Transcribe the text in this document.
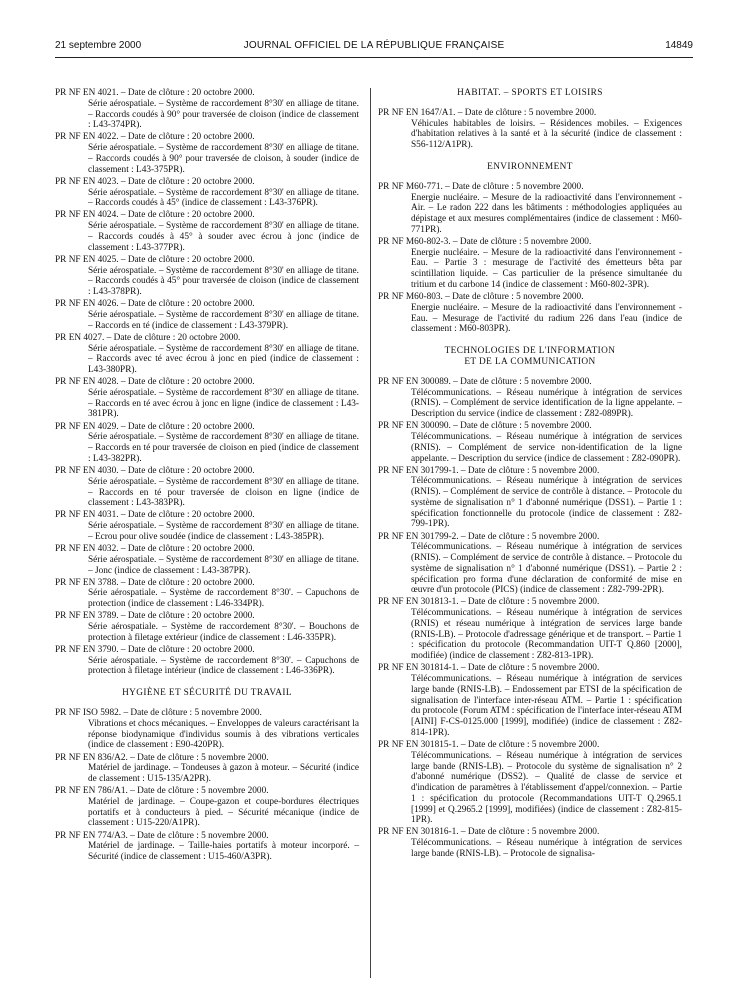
21 septembre 2000	JOURNAL OFFICIEL DE LA RÉPUBLIQUE FRANÇAISE	14849
PR NF EN 4021. – Date de clôture : 20 octobre 2000.
Série aérospatiale. – Système de raccordement 8°30' en alliage de titane. – Raccords coudés à 90° pour traversée de cloison (indice de classement : L43-374PR).
PR NF EN 4022. – Date de clôture : 20 octobre 2000.
Série aérospatiale. – Système de raccordement 8°30' en alliage de titane. – Raccords coudés à 90° pour traversée de cloison, à souder (indice de classement : L43-375PR).
PR NF EN 4023. – Date de clôture : 20 octobre 2000.
Série aérospatiale. – Système de raccordement 8°30' en alliage de titane. – Raccords coudés à 45° (indice de classement : L43-376PR).
PR NF EN 4024. – Date de clôture : 20 octobre 2000.
Série aérospatiale. – Système de raccordement 8°30' en alliage de titane. – Raccords coudés à 45° à souder avec écrou à jonc (indice de classement : L43-377PR).
PR NF EN 4025. – Date de clôture : 20 octobre 2000.
Série aérospatiale. – Système de raccordement 8°30' en alliage de titane. – Raccords coudés à 45° pour traversée de cloison (indice de classement : L43-378PR).
PR NF EN 4026. – Date de clôture : 20 octobre 2000.
Série aérospatiale. – Système de raccordement 8°30' en alliage de titane. – Raccords en té (indice de classement : L43-379PR).
PR EN 4027. – Date de clôture : 20 octobre 2000.
Série aérospatiale. – Système de raccordement 8°30' en alliage de titane. – Raccords avec té avec écrou à jonc en pied (indice de classement : L43-380PR).
PR NF EN 4028. – Date de clôture : 20 octobre 2000.
Série aérospatiale. – Système de raccordement 8°30' en alliage de titane. – Raccords en té avec écrou à jonc en ligne (indice de classement : L43-381PR).
PR NF EN 4029. – Date de clôture : 20 octobre 2000.
Série aérospatiale. – Système de raccordement 8°30' en alliage de titane. – Raccords en té pour traversée de cloison en pied (indice de classement : L43-382PR).
PR NF EN 4030. – Date de clôture : 20 octobre 2000.
Série aérospatiale. – Système de raccordement 8°30' en alliage de titane. – Raccords en té pour traversée de cloison en ligne (indice de classement : L43-383PR).
PR NF EN 4031. – Date de clôture : 20 octobre 2000.
Série aérospatiale. – Système de raccordement 8°30' en alliage de titane. – Ecrou pour olive soudée (indice de classement : L43-385PR).
PR NF EN 4032. – Date de clôture : 20 octobre 2000.
Série aérospatiale. – Système de raccordement 8°30' en alliage de titane. – Jonc (indice de classement : L43-387PR).
PR NF EN 3788. – Date de clôture : 20 octobre 2000.
Série aérospatiale. – Système de raccordement 8°30'. – Capuchons de protection (indice de classement : L46-334PR).
PR NF EN 3789. – Date de clôture : 20 octobre 2000.
Série aérospatiale. – Système de raccordement 8°30'. – Bouchons de protection à filetage extérieur (indice de classement : L46-335PR).
PR NF EN 3790. – Date de clôture : 20 octobre 2000.
Série aérospatiale. – Système de raccordement 8°30'. – Capuchons de protection à filetage intérieur (indice de classement : L46-336PR).
HYGIÈNE ET SÉCURITÉ DU TRAVAIL
PR NF ISO 5982. – Date de clôture : 5 novembre 2000.
Vibrations et chocs mécaniques. – Enveloppes de valeurs caractérisant la réponse biodynamique d'individus soumis à des vibrations verticales (indice de classement : E90-420PR).
PR NF EN 836/A2. – Date de clôture : 5 novembre 2000.
Matériel de jardinage. – Tondeuses à gazon à moteur. – Sécurité (indice de classement : U15-135/A2PR).
PR NF EN 786/A1. – Date de clôture : 5 novembre 2000.
Matériel de jardinage. – Coupe-gazon et coupe-bordures électriques portatifs et à conducteurs à pied. – Sécurité mécanique (indice de classement : U15-220/A1PR).
PR NF EN 774/A3. – Date de clôture : 5 novembre 2000.
Matériel de jardinage. – Taille-haies portatifs à moteur incorporé. – Sécurité (indice de classement : U15-460/A3PR).
HABITAT. – SPORTS ET LOISIRS
PR NF EN 1647/A1. – Date de clôture : 5 novembre 2000.
Véhicules habitables de loisirs. – Résidences mobiles. – Exigences d'habitation relatives à la santé et à la sécurité (indice de classement : S56-112/A1PR).
ENVIRONNEMENT
PR NF M60-771. – Date de clôture : 5 novembre 2000.
Energie nucléaire. – Mesure de la radioactivité dans l'environnement - Air. – Le radon 222 dans les bâtiments : méthodologies appliquées au dépistage et aux mesures complémentaires (indice de classement : M60-771PR).
PR NF M60-802-3. – Date de clôture : 5 novembre 2000.
Energie nucléaire. – Mesure de la radioactivité dans l'environnement - Eau. – Partie 3 : mesurage de l'activité des émetteurs bêta par scintillation liquide. – Cas particulier de la présence simultanée du tritium et du carbone 14 (indice de classement : M60-802-3PR).
PR NF M60-803. – Date de clôture : 5 novembre 2000.
Energie nucléaire. – Mesure de la radioactivité dans l'environnement - Eau. – Mesurage de l'activité du radium 226 dans l'eau (indice de classement : M60-803PR).
TECHNOLOGIES DE L'INFORMATION
ET DE LA COMMUNICATION
PR NF EN 300089. – Date de clôture : 5 novembre 2000.
Télécommunications. – Réseau numérique à intégration de services (RNIS). – Complément de service identification de la ligne appelante. – Description du service (indice de classement : Z82-089PR).
PR NF EN 300090. – Date de clôture : 5 novembre 2000.
Télécommunications. – Réseau numérique à intégration de services (RNIS). – Complément de service non-identification de la ligne appelante. – Description du service (indice de classement : Z82-090PR).
PR NF EN 301799-1. – Date de clôture : 5 novembre 2000.
Télécommunications. – Réseau numérique à intégration de services (RNIS). – Complément de service de contrôle à distance. – Protocole du système de signalisation n° 1 d'abonné numérique (DSS1). – Partie 1 : spécification fonctionnelle du protocole (indice de classement : Z82-799-1PR).
PR NF EN 301799-2. – Date de clôture : 5 novembre 2000.
Télécommunications. – Réseau numérique à intégration de services (RNIS). – Complément de service de contrôle à distance. – Protocole du système de signalisation n° 1 d'abonné numérique (DSS1). – Partie 2 : spécification pro forma d'une déclaration de conformité de mise en œuvre d'un protocole (PICS) (indice de classement : Z82-799-2PR).
PR NF EN 301813-1. – Date de clôture : 5 novembre 2000.
Télécommunications. – Réseau numérique à intégration de services (RNIS) et réseau numérique à intégration de services large bande (RNIS-LB). – Protocole d'adressage générique et de transport. – Partie 1 : spécification du protocole (Recommandation UIT-T Q.860 [2000], modifiée) (indice de classement : Z82-813-1PR).
PR NF EN 301814-1. – Date de clôture : 5 novembre 2000.
Télécommunications. – Réseau numérique à intégration de services large bande (RNIS-LB). – Endossement par ETSI de la spécification de signalisation de l'interface inter-réseau ATM. – Partie 1 : spécification du protocole (Forum ATM : spécification de l'interface inter-réseau ATM [AINI] F-CS-0125.000 [1999], modifiée) (indice de classement : Z82-814-1PR).
PR NF EN 301815-1. – Date de clôture : 5 novembre 2000.
Télécommunications. – Réseau numérique à intégration de services large bande (RNIS-LB). – Protocole du système de signalisation n° 2 d'abonné numérique (DSS2). – Qualité de classe de service et d'indication de paramètres à l'établissement d'appel/connexion. – Partie 1 : spécification du protocole (Recommandations UIT-T Q.2965.1 [1999] et Q.2965.2 [1999], modifiées) (indice de classement : Z82-815-1PR).
PR NF EN 301816-1. – Date de clôture : 5 novembre 2000.
Télécommunications. – Réseau numérique à intégration de services large bande (RNIS-LB). – Protocole de signalisa-
